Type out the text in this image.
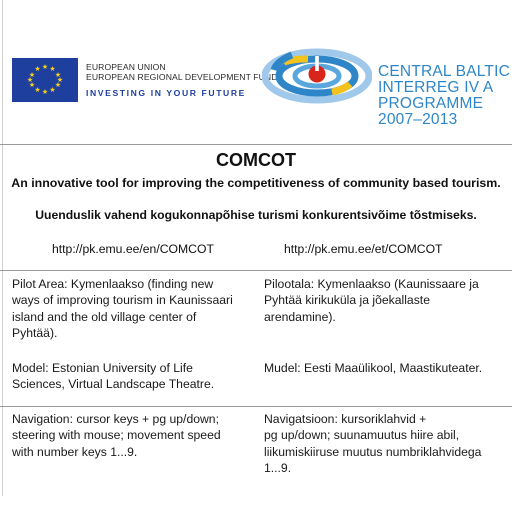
★ ★
★
★
★
★
★
★
★
★
★
★	EUROPEAN UNION
EUROPEAN REGIONAL DEVELOPMENT FUND
INVESTING IN YOUR FUTURE
CENTRAL BALTIC
INTERREG IV A
PROGRAMME
2007–2013
COMCOT
An innovative tool for improving the competitiveness of community based tourism.
Uuenduslik vahend kogukonnapõhise turismi konkurentsivõime tõstmiseks.
http://pk.emu.ee/en/COMCOT	http://pk.emu.ee/et/COMCOT
Pilot Area: Kymenlaakso (finding new
ways of improving tourism in Kaunissaari
island and the old village center of
Pyhtää).
Pilootala: Kymenlaakso (Kaunissaare ja
Pyhtää kirikuküla ja jõekallaste
arendamine).
Model: Estonian University of Life
Sciences, Virtual Landscape Theatre.
Mudel: Eesti Maaülikool, Maastikuteater.
Navigation: cursor keys + pg up/down;
steering with mouse; movement speed
with number keys 1...9.
Navigatsioon: kursoriklahvid +
pg up/down; suunamuutus hiire abil,
liikumiskiiruse muutus numbriklahvidega
1...9.
